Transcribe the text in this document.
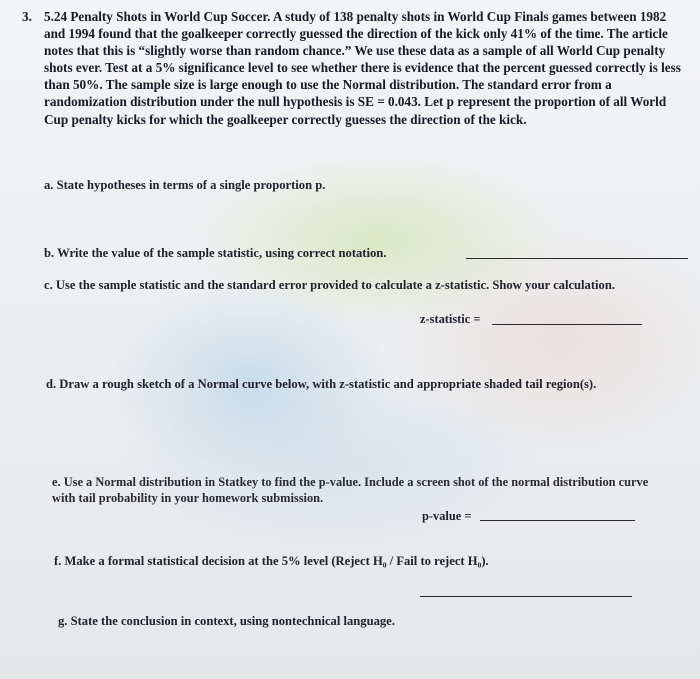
3. 5.24 Penalty Shots in World Cup Soccer. A study of 138 penalty shots in World Cup Finals games between 1982 and 1994 found that the goalkeeper correctly guessed the direction of the kick only 41% of the time. The article notes that this is “slightly worse than random chance.” We use these data as a sample of all World Cup penalty shots ever. Test at a 5% significance level to see whether there is evidence that the percent guessed correctly is less than 50%. The sample size is large enough to use the Normal distribution. The standard error from a randomization distribution under the null hypothesis is SE = 0.043. Let p represent the proportion of all World Cup penalty kicks for which the goalkeeper correctly guesses the direction of the kick.
a. State hypotheses in terms of a single proportion p.
b. Write the value of the sample statistic, using correct notation.
c. Use the sample statistic and the standard error provided to calculate a z-statistic. Show your calculation.
z-statistic =
d. Draw a rough sketch of a Normal curve below, with z-statistic and appropriate shaded tail region(s).
e. Use a Normal distribution in Statkey to find the p-value. Include a screen shot of the normal distribution curve with tail probability in your homework submission.
p-value =
f. Make a formal statistical decision at the 5% level (Reject H₀ / Fail to reject H₀).
g. State the conclusion in context, using nontechnical language.
